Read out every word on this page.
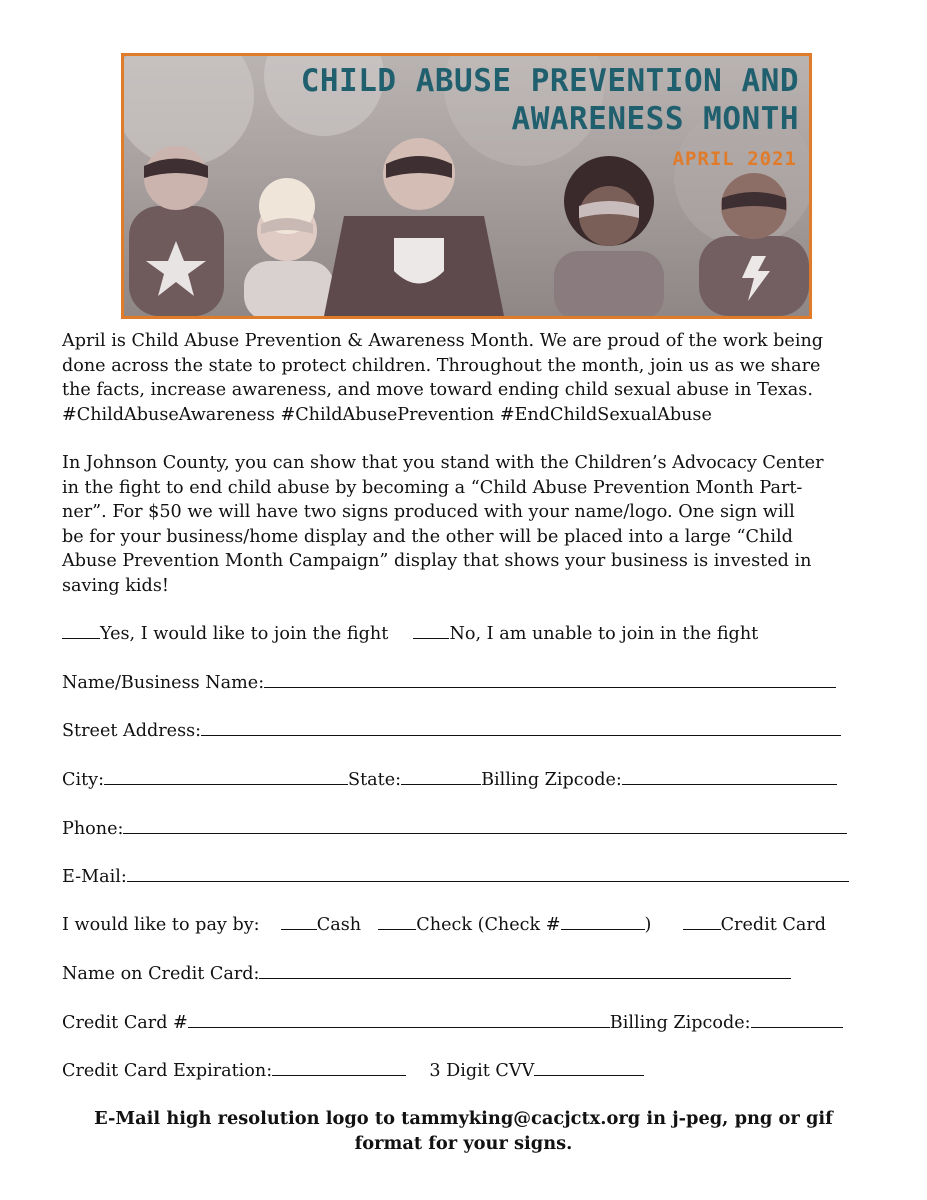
CHILD ABUSE PREVENTION AND
AWARENESS MONTH
APRIL 2021
April is Child Abuse Prevention & Awareness Month. We are proud of the work being
done across the state to protect children. Throughout the month, join us as we share
the facts, increase awareness, and move toward ending child sexual abuse in Texas.
#ChildAbuseAwareness #ChildAbusePrevention #EndChildSexualAbuse
In Johnson County, you can show that you stand with the Children’s Advocacy Center
in the fight to end child abuse by becoming a “Child Abuse Prevention Month Part-
ner”. For $50 we will have two signs produced with your name/logo. One sign will
be for your business/home display and the other will be placed into a large “Child
Abuse Prevention Month Campaign” display that shows your business is invested in
saving kids!
Yes, I would like to join the fight	No, I am unable to join in the fight
Name/Business Name:
Street Address:
City:	State:	Billing Zipcode:
Phone:
E-Mail:
I would like to pay by:	Cash	Check (Check #	)	Credit Card
Name on Credit Card:
Credit Card #	Billing Zipcode:
Credit Card Expiration:	3 Digit CVV
E-Mail high resolution logo to tammyking@cacjctx.org in j-peg, png or gif
format for your signs.
